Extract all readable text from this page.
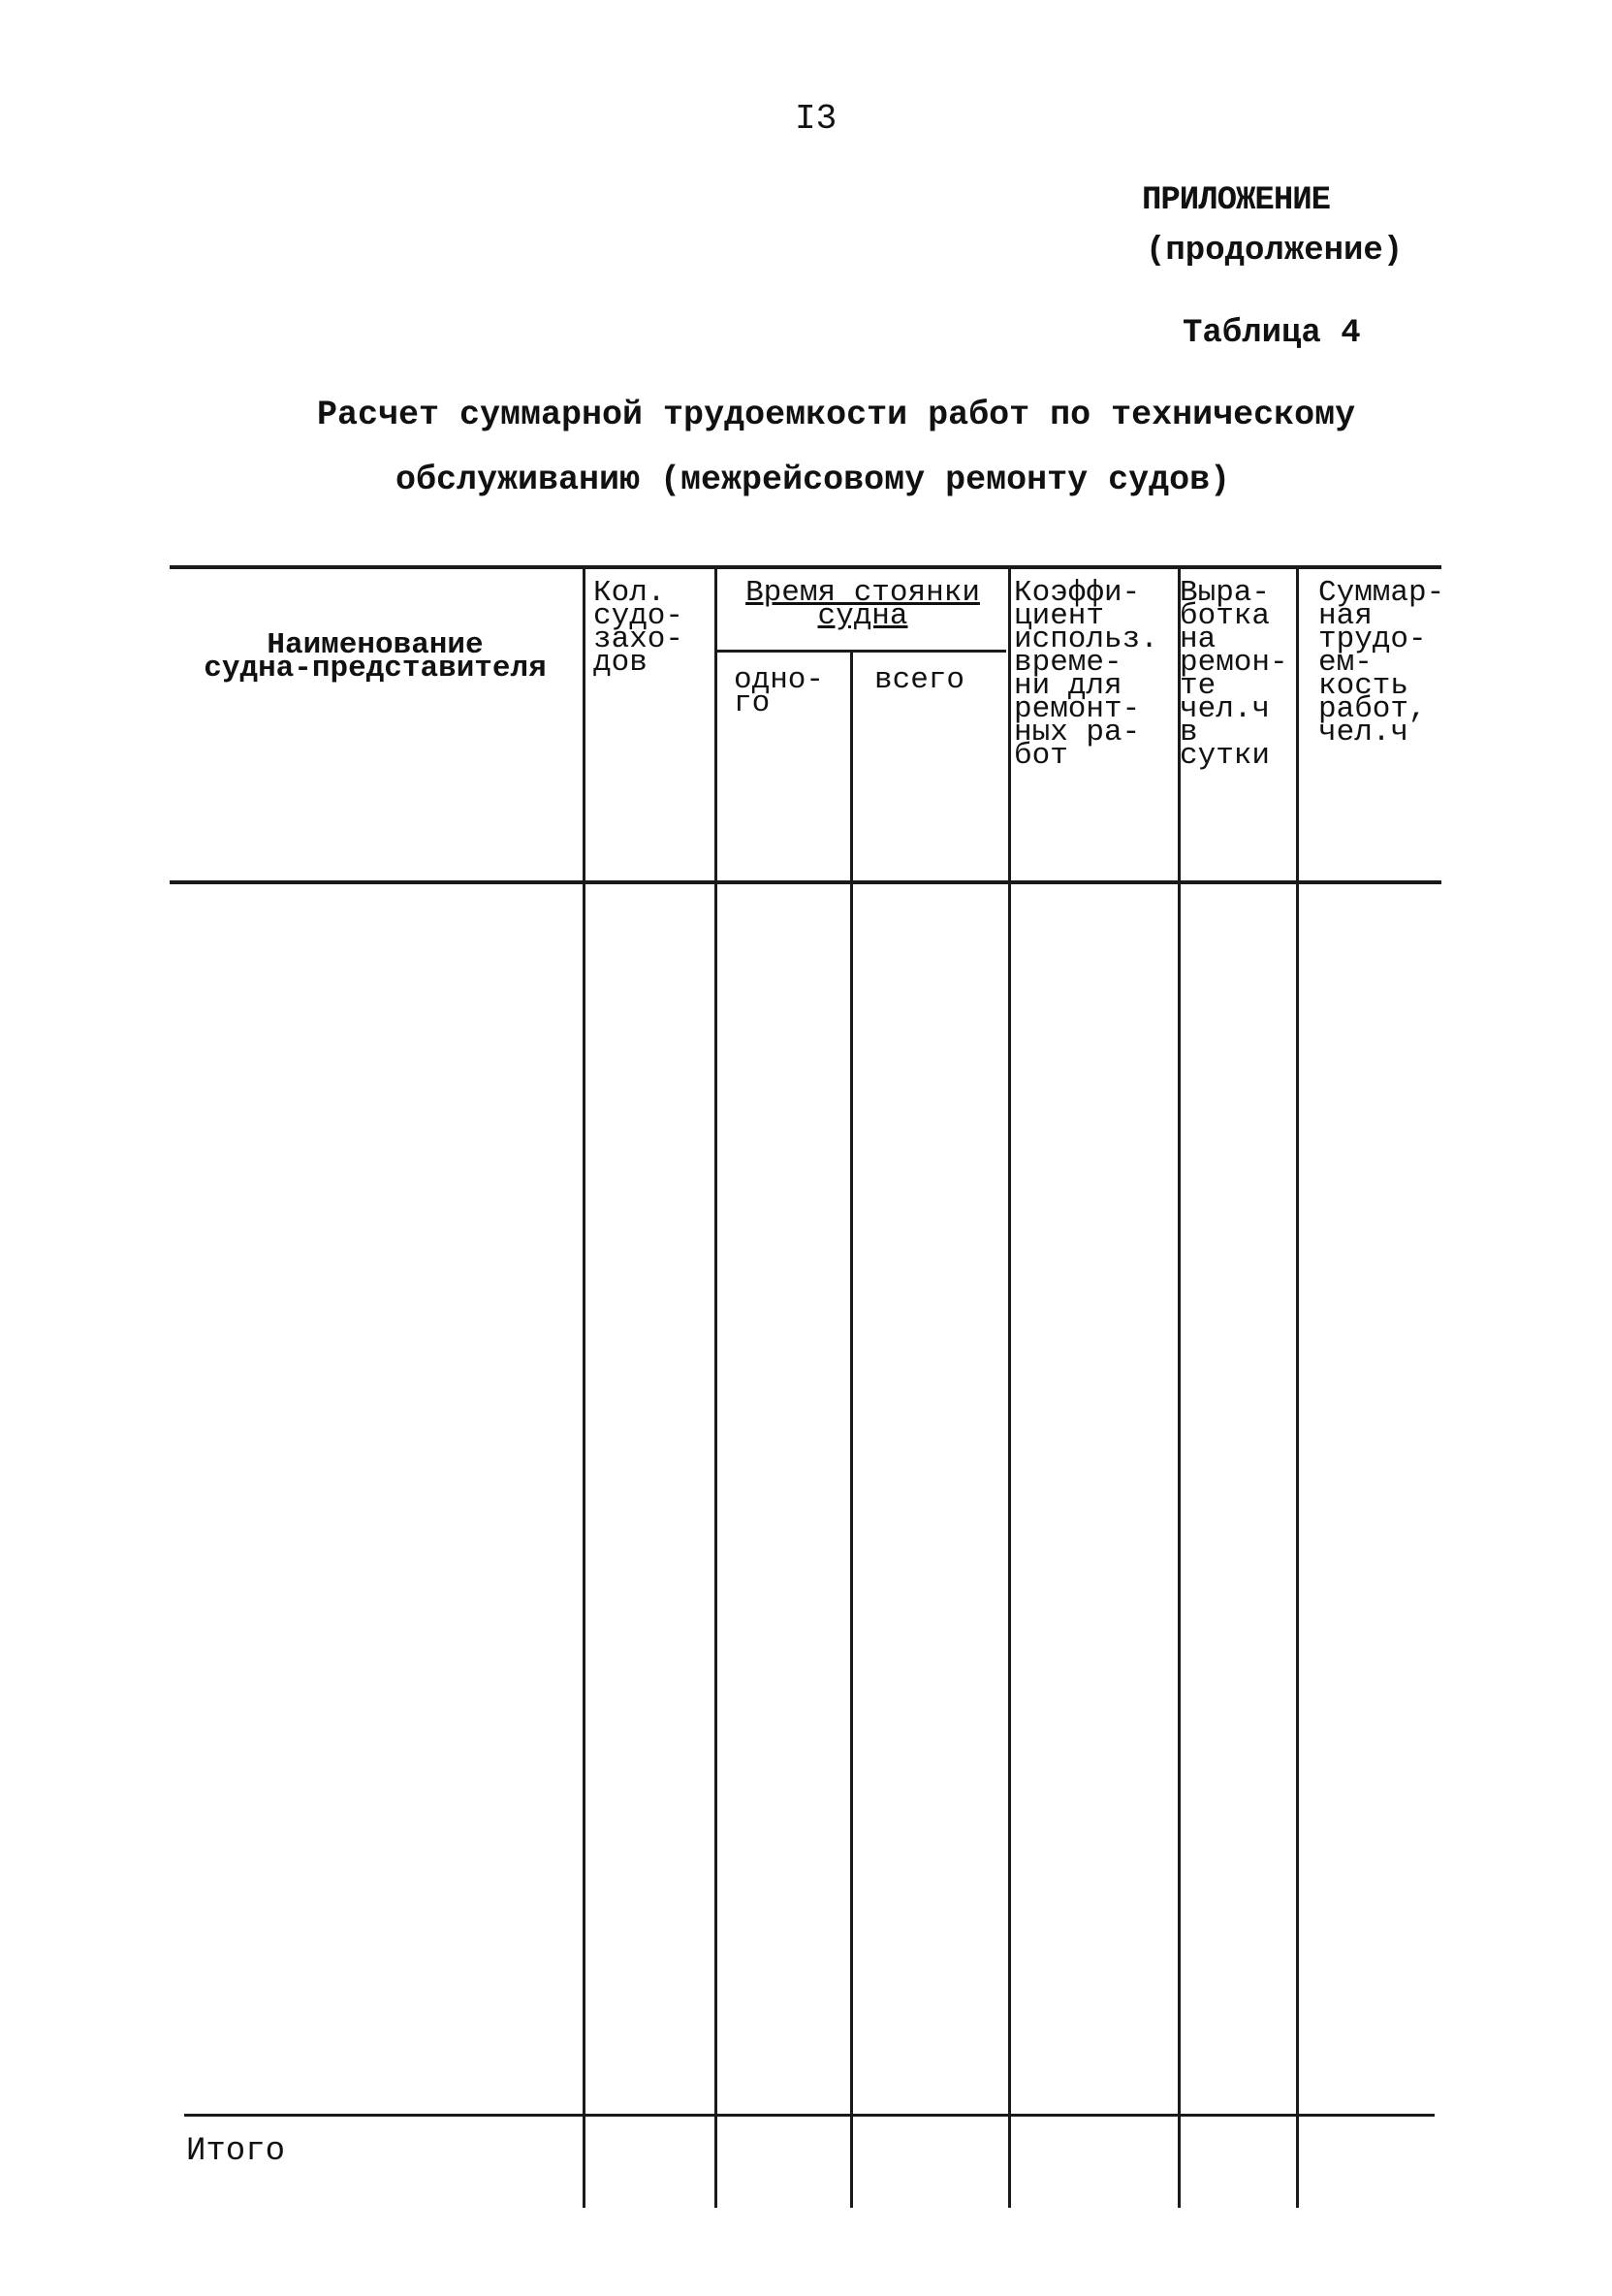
I3
ПРИЛОЖЕНИЕ
(продолжение)
Таблица 4
Расчет суммарной трудоемкости работ по техническому
обслуживанию (межрейсовому ремонту судов)
Наименование
судна-представителя
Кол.
судо-
захо-
дов
Время стоянки
судна
одно-
го
всего
Коэффи-
циент
использ.
време-
ни для
ремонт-
ных ра-
бот
Выра-
ботка
на
ремон-
те
чел.ч
в
сутки
Суммар-
ная
трудо-
ем-
кость
работ,
чел.ч
Итого
